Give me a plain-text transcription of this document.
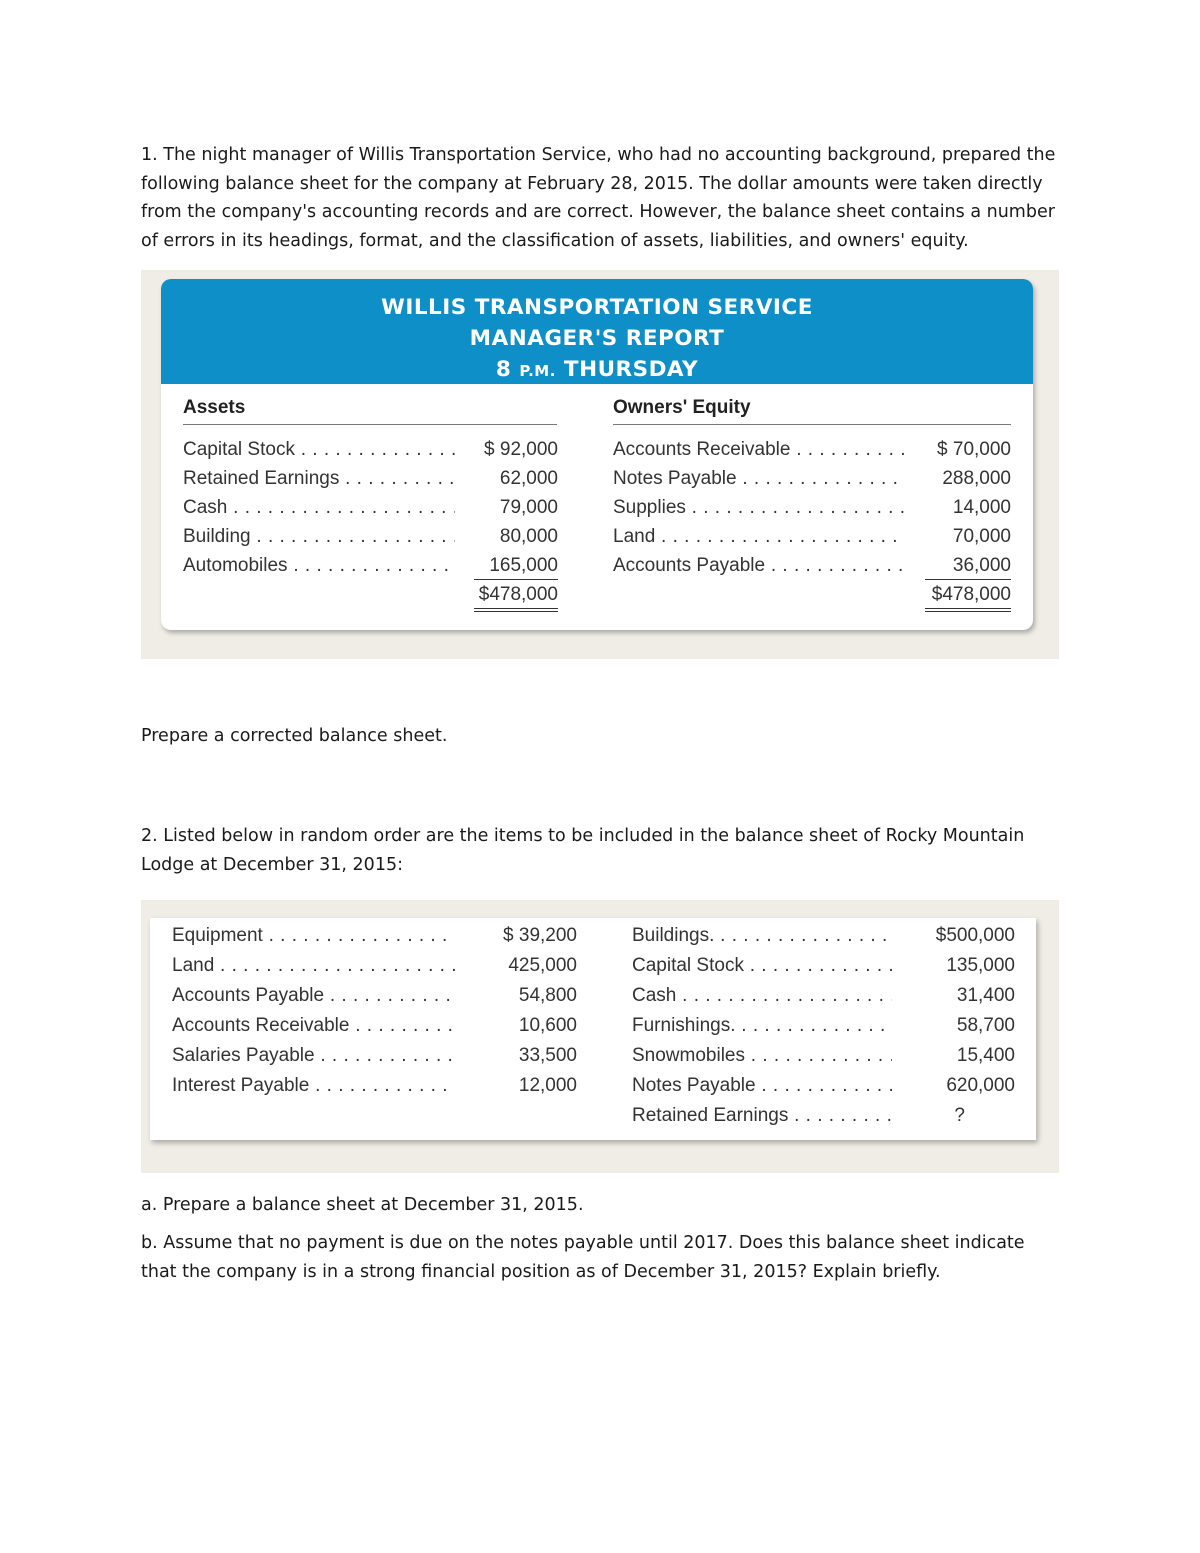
1. The night manager of Willis Transportation Service, who had no accounting background, prepared the following balance sheet for the company at February 28, 2015. The dollar amounts were taken directly from the company's accounting records and are correct. However, the balance sheet contains a number of errors in its headings, format, and the classification of assets, liabilities, and owners' equity.

WILLIS TRANSPORTATION SERVICE
MANAGER'S REPORT
8 P.M. THURSDAY
Assets	Owners' Equity
Capital Stock . . .	$ 92,000
Retained Earnings . . .	62,000
Cash . . .	79,000
Building . . .	80,000
Automobiles . . .	165,000
$478,000
Accounts Receivable . . .	$ 70,000
Notes Payable . . .	288,000
Supplies . . .	14,000
Land . . .	70,000
Accounts Payable . . .	36,000
$478,000

Prepare a corrected balance sheet.

2. Listed below in random order are the items to be included in the balance sheet of Rocky Mountain Lodge at December 31, 2015:

Equipment . . .	$ 39,200
Land . . .	425,000
Accounts Payable . . .	54,800
Accounts Receivable . . .	10,600
Salaries Payable . . .	33,500
Interest Payable . . .	12,000
Buildings. . . .	$500,000
Capital Stock . . .	135,000
Cash . . .	31,400
Furnishings. . . .	58,700
Snowmobiles . . .	15,400
Notes Payable . . .	620,000
Retained Earnings . . .	?

a. Prepare a balance sheet at December 31, 2015.

b. Assume that no payment is due on the notes payable until 2017. Does this balance sheet indicate that the company is in a strong financial position as of December 31, 2015? Explain briefly.
